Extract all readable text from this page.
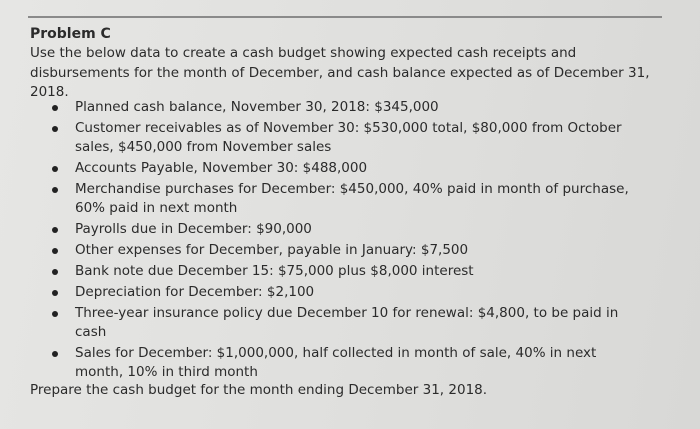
Problem C
Use the below data to create a cash budget showing expected cash receipts and disbursements for the month of December, and cash balance expected as of December 31, 2018.
Planned cash balance, November 30, 2018: $345,000
Customer receivables as of November 30: $530,000 total, $80,000 from October sales, $450,000 from November sales
Accounts Payable, November 30: $488,000
Merchandise purchases for December: $450,000, 40% paid in month of purchase, 60% paid in next month
Payrolls due in December: $90,000
Other expenses for December, payable in January: $7,500
Bank note due December 15: $75,000 plus $8,000 interest
Depreciation for December: $2,100
Three-year insurance policy due December 10 for renewal: $4,800, to be paid in cash
Sales for December: $1,000,000, half collected in month of sale, 40% in next month, 10% in third month
Prepare the cash budget for the month ending December 31, 2018.
